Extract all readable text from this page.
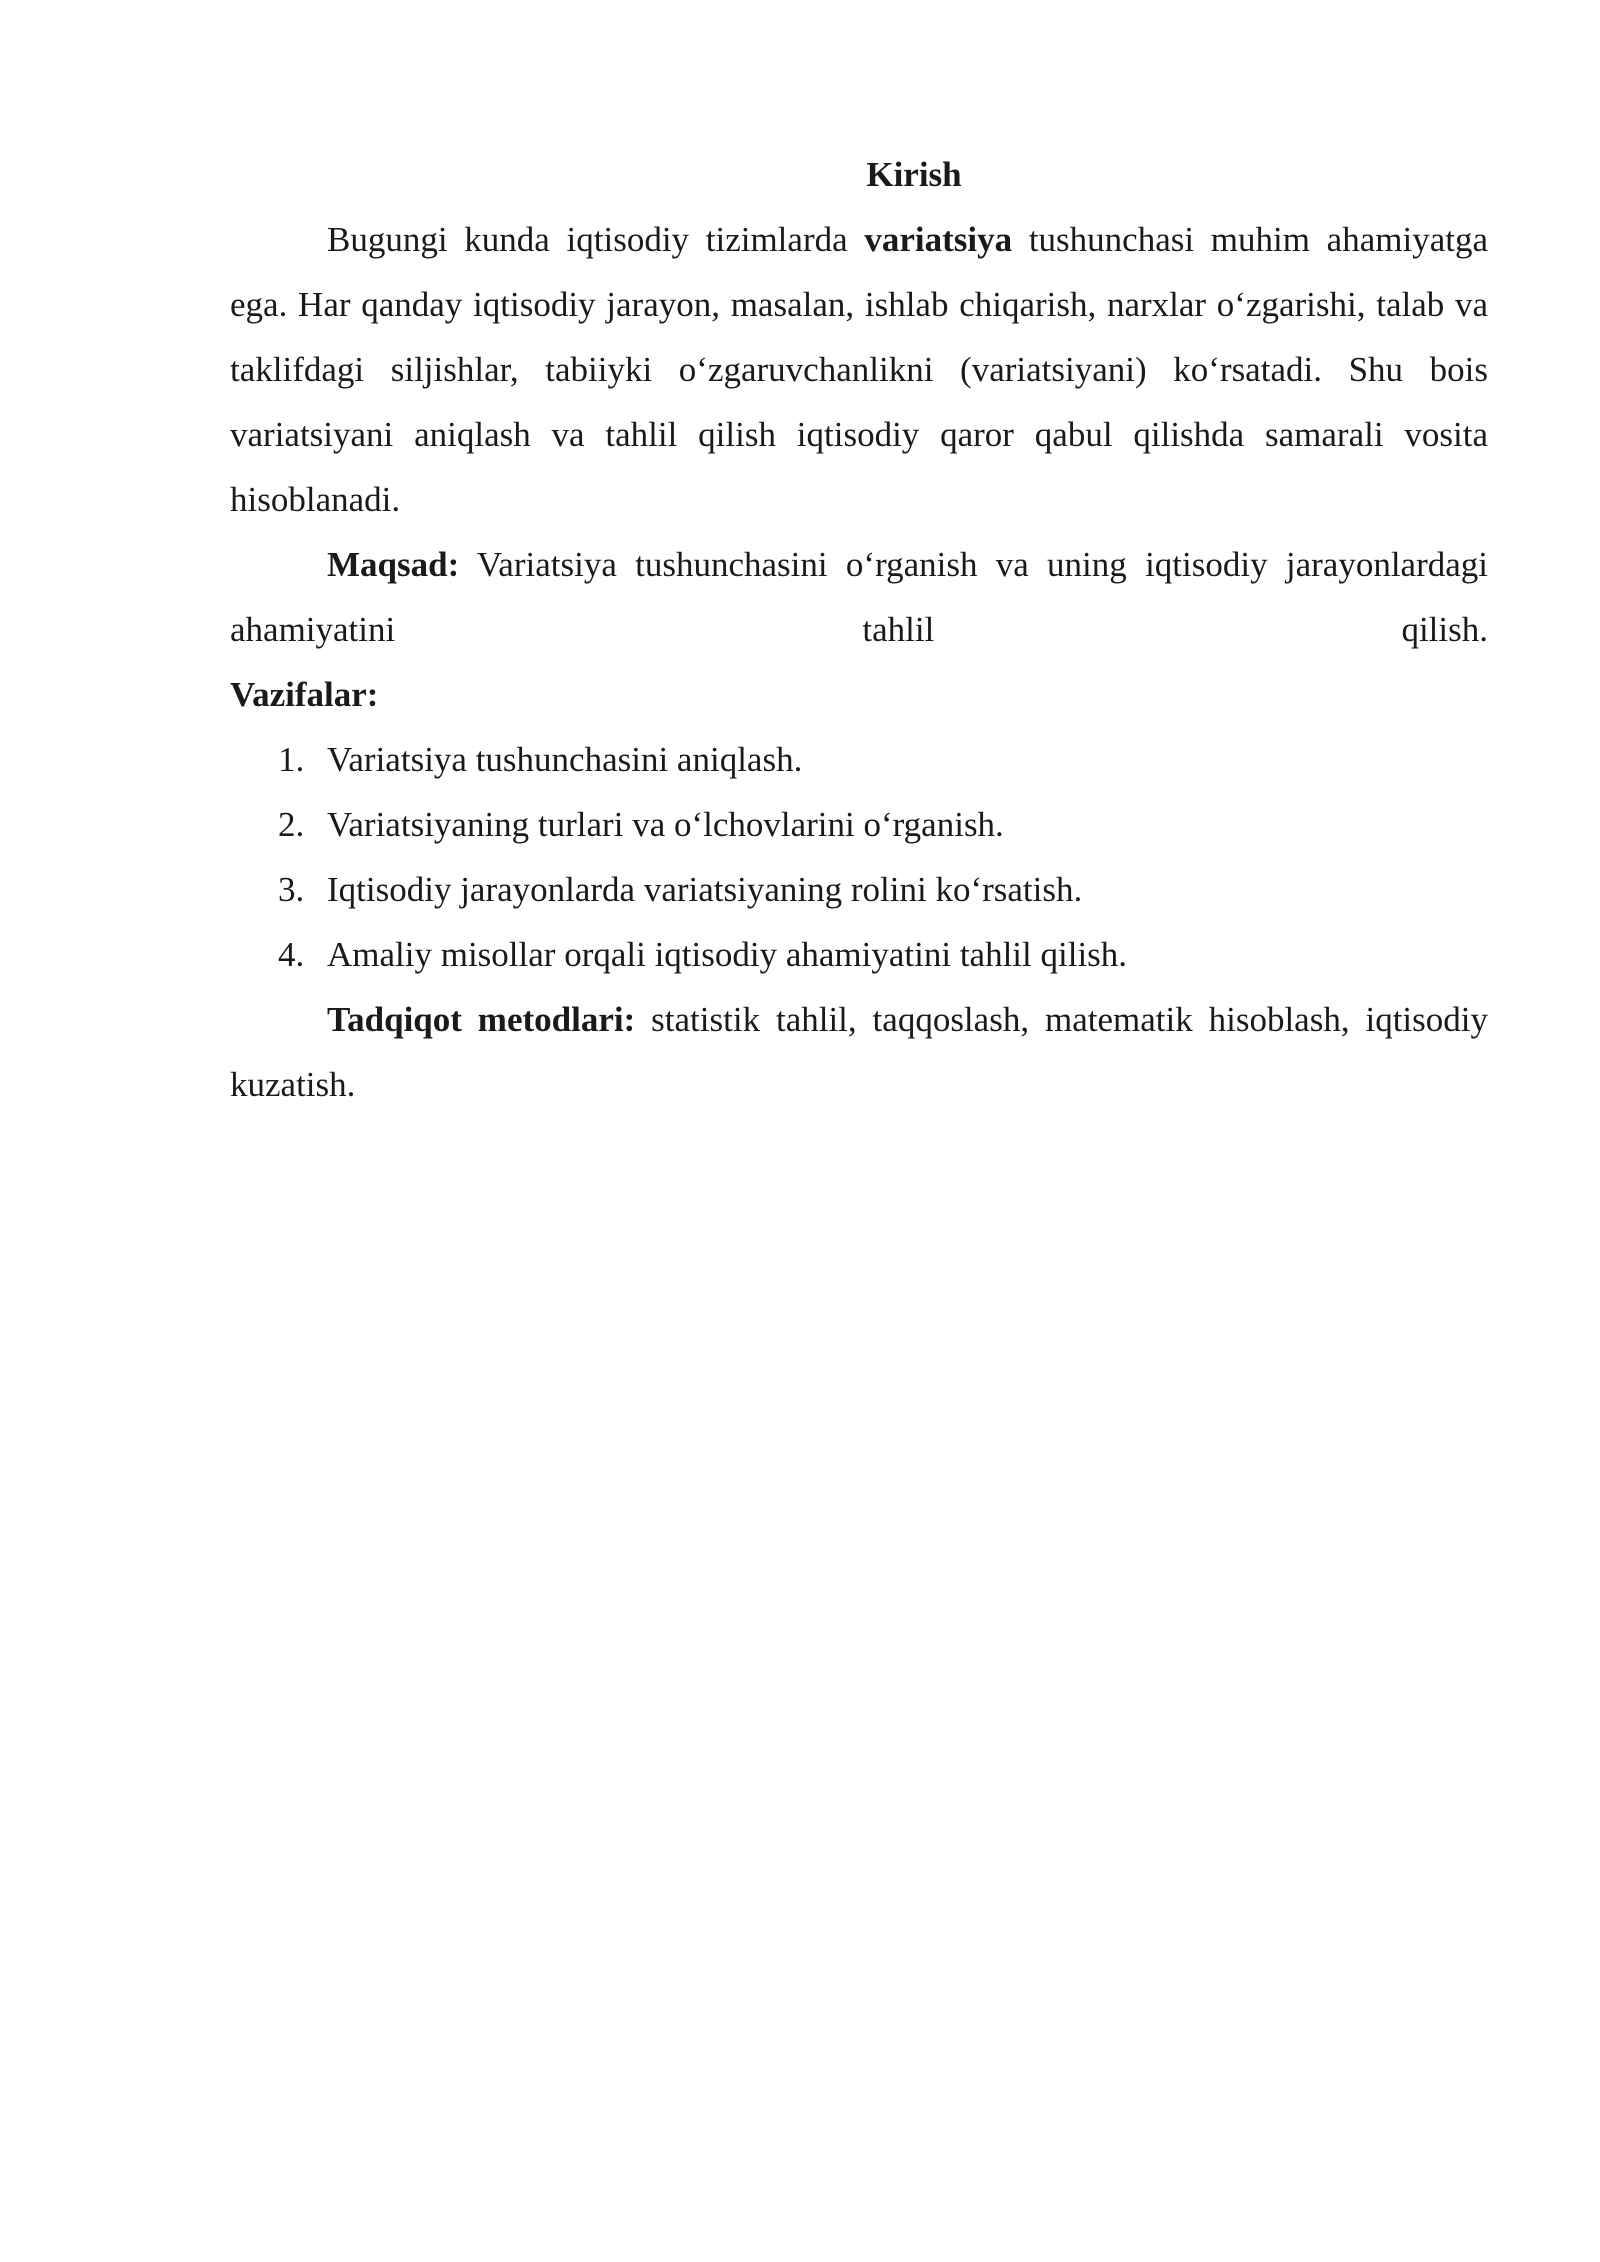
Kirish

Bugungi kunda iqtisodiy tizimlarda variatsiya tushunchasi muhim ahamiyatga ega. Har qanday iqtisodiy jarayon, masalan, ishlab chiqarish, narxlar o‘zgarishi, talab va taklifdagi siljishlar, tabiiyki o‘zgaruvchanlikni (variatsiyani) ko‘rsatadi. Shu bois variatsiyani aniqlash va tahlil qilish iqtisodiy qaror qabul qilishda samarali vosita hisoblanadi.

Maqsad: Variatsiya tushunchasini o‘rganish va uning iqtisodiy jarayonlardagi ahamiyatini tahlil qilish.

Vazifalar:

1. Variatsiya tushunchasini aniqlash.
2. Variatsiyaning turlari va o‘lchovlarini o‘rganish.
3. Iqtisodiy jarayonlarda variatsiyaning rolini ko‘rsatish.
4. Amaliy misollar orqali iqtisodiy ahamiyatini tahlil qilish.

Tadqiqot metodlari: statistik tahlil, taqqoslash, matematik hisoblash, iqtisodiy kuzatish.
